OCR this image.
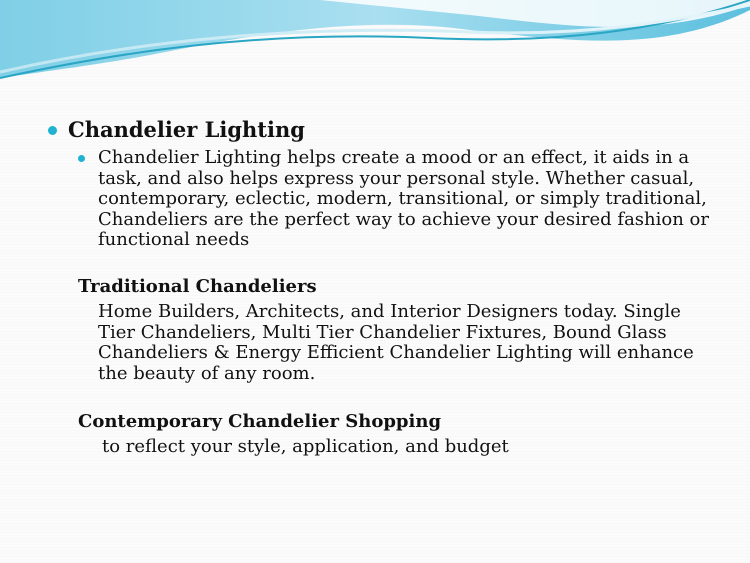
Chandelier Lighting
Chandelier Lighting helps create a mood or an effect, it aids in a task, and also helps express your personal style. Whether casual, contemporary, eclectic, modern, transitional, or simply traditional, Chandeliers are the perfect way to achieve your desired fashion or functional needs
Traditional Chandeliers
Home Builders, Architects, and Interior Designers today. Single Tier Chandeliers, Multi Tier Chandelier Fixtures, Bound Glass Chandeliers & Energy Efficient Chandelier Lighting will enhance the beauty of any room.
Contemporary Chandelier Shopping
to reflect your style, application, and budget
